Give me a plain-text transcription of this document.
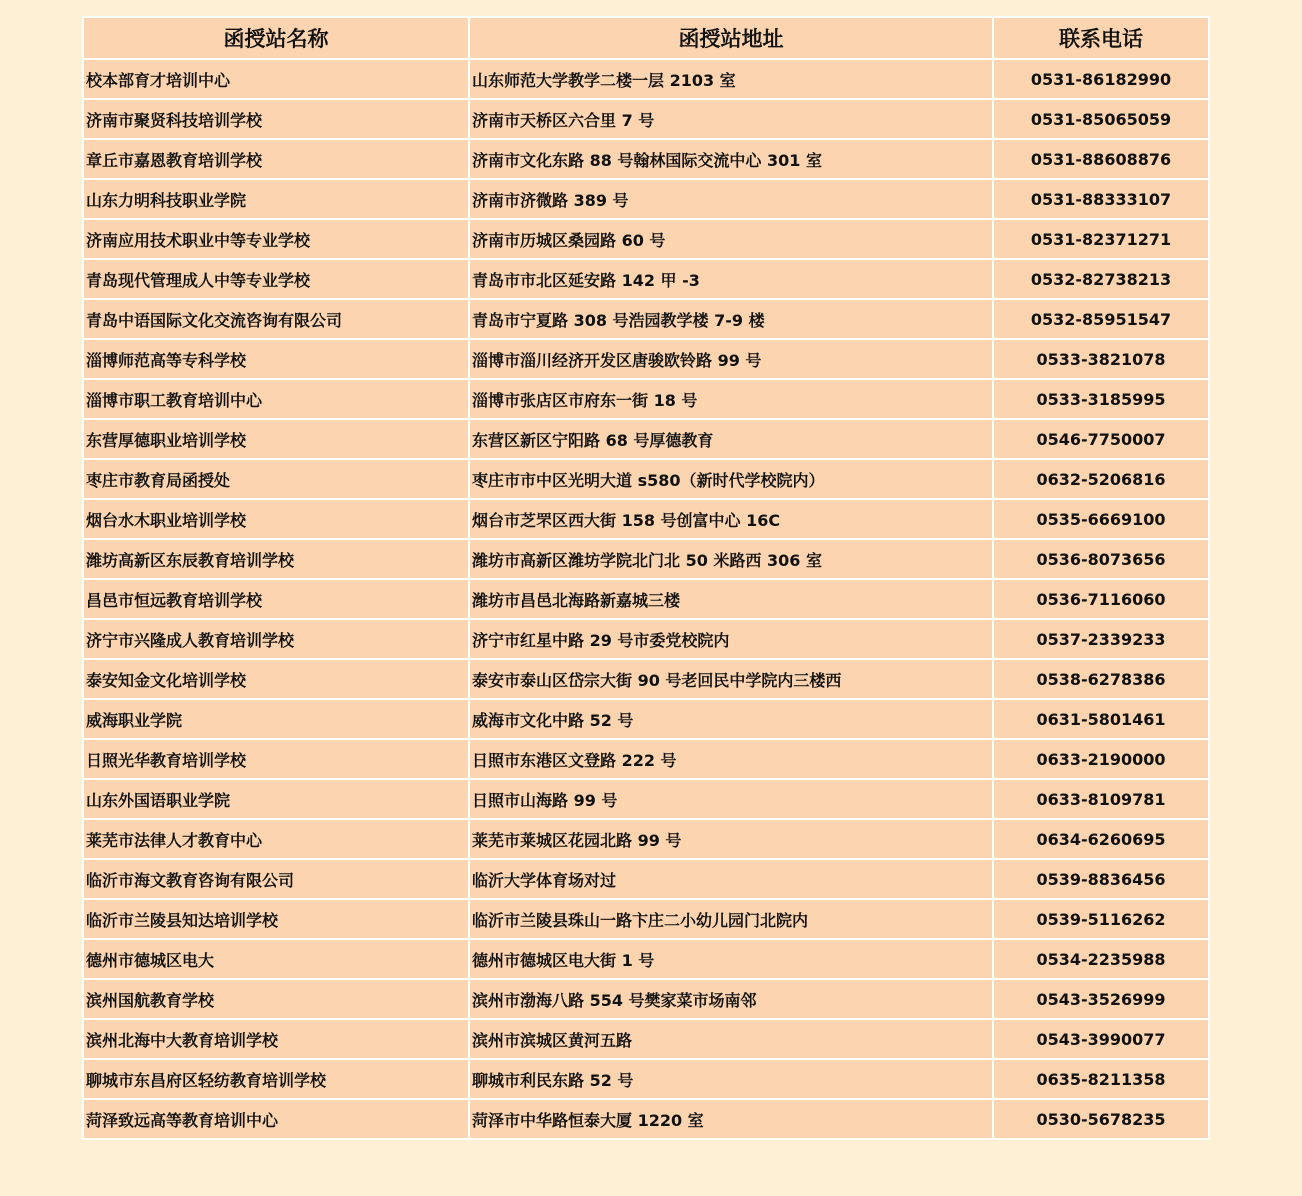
函授站名称	函授站地址	联系电话
校本部育才培训中心	山东师范大学教学二楼一层 2103 室	0531-86182990
济南市聚贤科技培训学校	济南市天桥区六合里 7 号	0531-85065059
章丘市嘉恩教育培训学校	济南市文化东路 88 号翰林国际交流中心 301 室	0531-88608876
山东力明科技职业学院	济南市济微路 389 号	0531-88333107
济南应用技术职业中等专业学校	济南市历城区桑园路 60 号	0531-82371271
青岛现代管理成人中等专业学校	青岛市市北区延安路 142 甲 -3	0532-82738213
青岛中语国际文化交流咨询有限公司	青岛市宁夏路 308 号浩园教学楼 7-9 楼	0532-85951547
淄博师范高等专科学校	淄博市淄川经济开发区唐骏欧铃路 99 号	0533-3821078
淄博市职工教育培训中心	淄博市张店区市府东一街 18 号	0533-3185995
东营厚德职业培训学校	东营区新区宁阳路 68 号厚德教育	0546-7750007
枣庄市教育局函授处	枣庄市市中区光明大道 s580（新时代学校院内）	0632-5206816
烟台水木职业培训学校	烟台市芝罘区西大街 158 号创富中心 16C	0535-6669100
潍坊高新区东辰教育培训学校	潍坊市高新区潍坊学院北门北 50 米路西 306 室	0536-8073656
昌邑市恒远教育培训学校	潍坊市昌邑北海路新嘉城三楼	0536-7116060
济宁市兴隆成人教育培训学校	济宁市红星中路 29 号市委党校院内	0537-2339233
泰安知金文化培训学校	泰安市泰山区岱宗大街 90 号老回民中学院内三楼西	0538-6278386
威海职业学院	威海市文化中路 52 号	0631-5801461
日照光华教育培训学校	日照市东港区文登路 222 号	0633-2190000
山东外国语职业学院	日照市山海路 99 号	0633-8109781
莱芜市法律人才教育中心	莱芜市莱城区花园北路 99 号	0634-6260695
临沂市海文教育咨询有限公司	临沂大学体育场对过	0539-8836456
临沂市兰陵县知达培训学校	临沂市兰陵县珠山一路卞庄二小幼儿园门北院内	0539-5116262
德州市德城区电大	德州市德城区电大街 1 号	0534-2235988
滨州国航教育学校	滨州市渤海八路 554 号樊家菜市场南邻	0543-3526999
滨州北海中大教育培训学校	滨州市滨城区黄河五路	0543-3990077
聊城市东昌府区轻纺教育培训学校	聊城市利民东路 52 号	0635-8211358
菏泽致远高等教育培训中心	菏泽市中华路恒泰大厦 1220 室	0530-5678235
